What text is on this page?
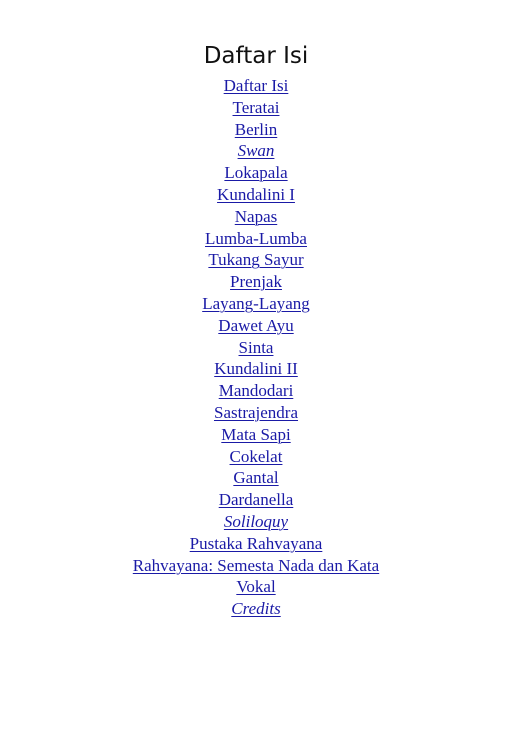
Daftar Isi
Daftar Isi
Teratai
Berlin
Swan
Lokapala
Kundalini I
Napas
Lumba-Lumba
Tukang Sayur
Prenjak
Layang-Layang
Dawet Ayu
Sinta
Kundalini II
Mandodari
Sastrajendra
Mata Sapi
Cokelat
Gantal
Dardanella
Soliloquy
Pustaka Rahvayana
Rahvayana: Semesta Nada dan Kata
Vokal
Credits
